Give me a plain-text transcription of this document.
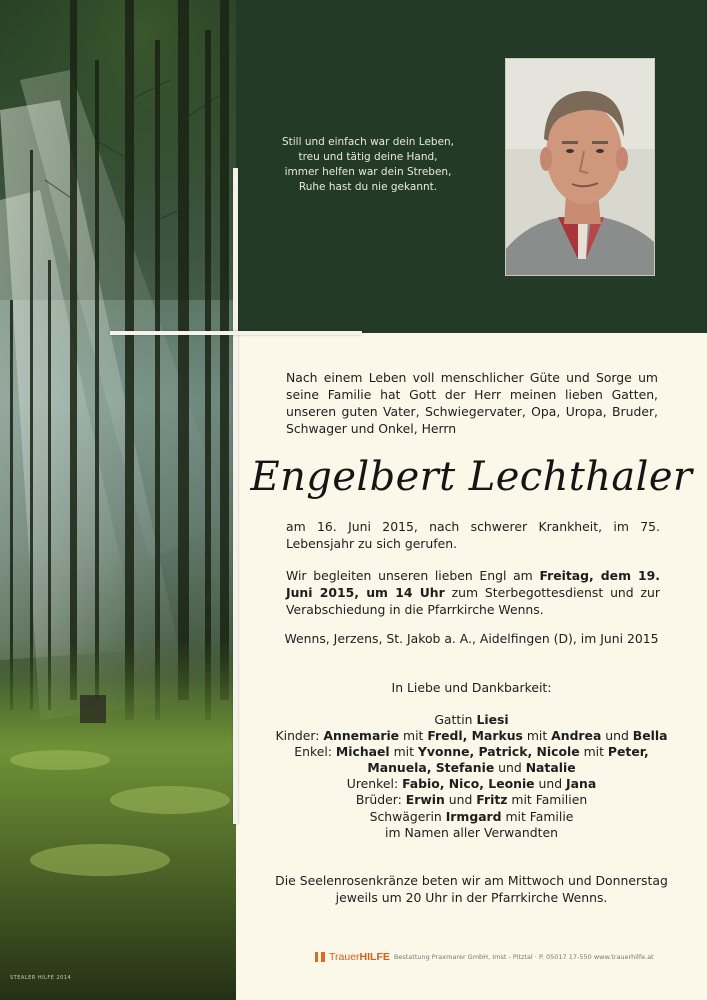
STEALER HILFE 2014
Still und einfach war dein Leben,
treu und tätig deine Hand,
immer helfen war dein Streben,
Ruhe hast du nie gekannt.
Nach einem Leben voll menschlicher Güte und Sorge um seine Familie hat Gott der Herr meinen lieben Gatten, unseren guten Vater, Schwiegervater, Opa, Uropa, Bruder, Schwager und Onkel, Herrn
Engelbert Lechthaler
am 16. Juni 2015, nach schwerer Krankheit, im 75. Lebensjahr zu sich gerufen.
Wir begleiten unseren lieben Engl am Freitag, dem 19. Juni 2015, um 14 Uhr zum Sterbegottesdienst und zur Verabschiedung in die Pfarrkirche Wenns.
Wenns, Jerzens, St. Jakob a. A., Aidelfingen (D), im Juni 2015
In Liebe und Dankbarkeit:
Gattin Liesi
Kinder: Annemarie mit Fredl, Markus mit Andrea und Bella
Enkel: Michael mit Yvonne, Patrick, Nicole mit Peter,
Manuela, Stefanie und Natalie
Urenkel: Fabio, Nico, Leonie und Jana
Brüder: Erwin und Fritz mit Familien
Schwägerin Irmgard mit Familie
im Namen aller Verwandten
Die Seelenrosenkränze beten wir am Mittwoch und Donnerstag
jeweils um 20 Uhr in der Pfarrkirche Wenns.
TrauerHILFE Bestattung Praxmarer GmbH, Imst - Pitztal · P. 05017 17-550 www.trauerhilfe.at
